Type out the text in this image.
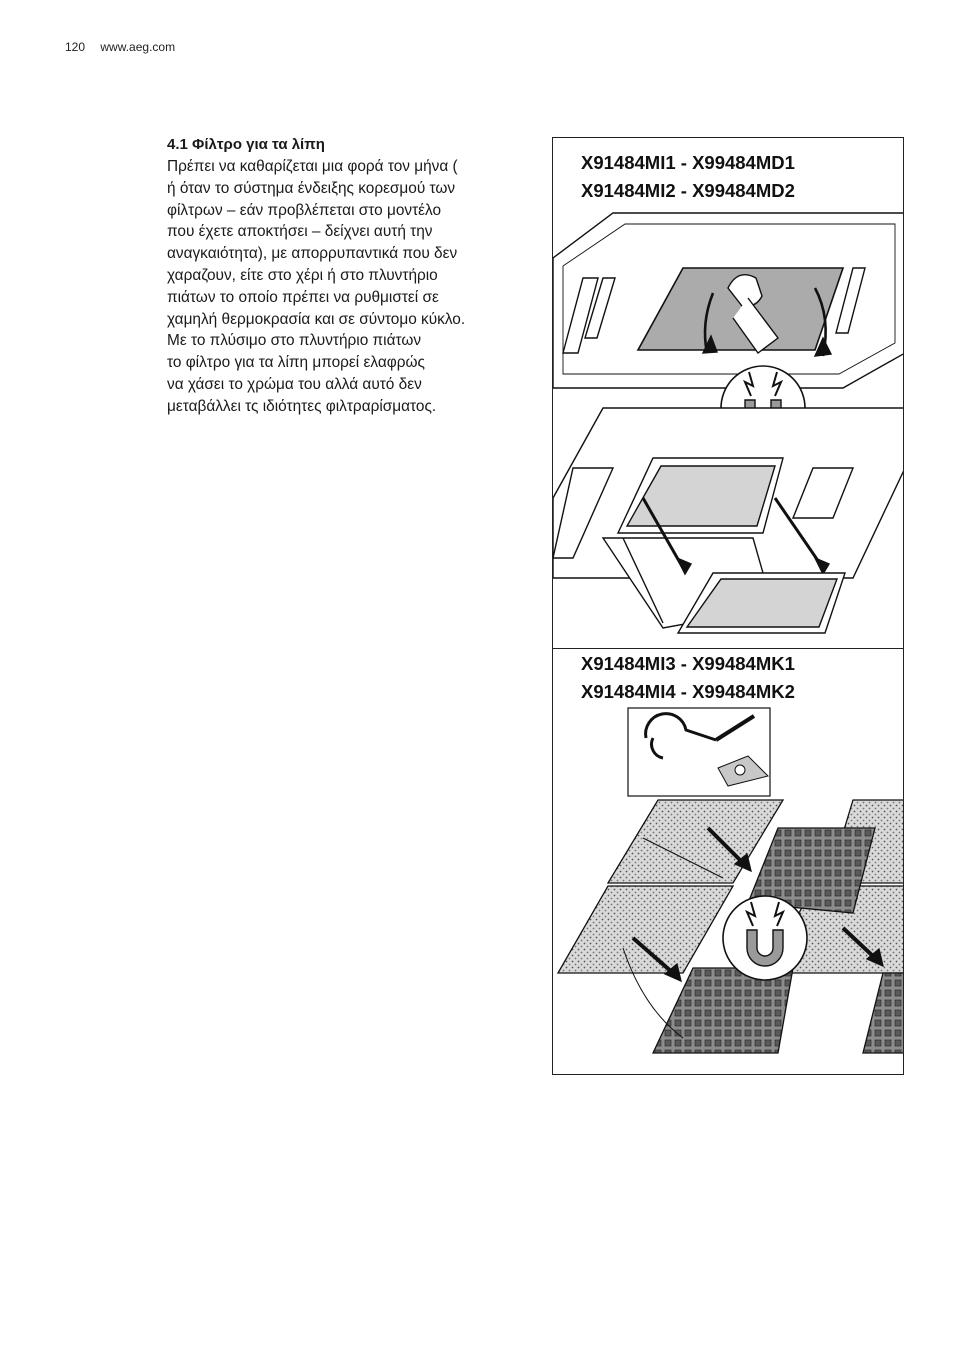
120 www.aeg.com

4.1 Φίλτρο για τα λίπη

Πρέπει να καθαρίζεται μια φορά τον μήνα (
ή όταν το σύστημα ένδειξης κορεσμού των
φίλτρων – εάν προβλέπεται στο μοντέλο
που έχετε αποκτήσει – δείχνει αυτή την
αναγκαιότητα), με απορρυπαντικά που δεν
χαραζουν, είτε στο χέρι ή στο πλυντήριο
πιάτων το οποίο πρέπει να ρυθμιστεί σε
χαμηλή θερμοκρασία και σε σύντομο κύκλο.
Με το πλύσιμο στο πλυντήριο πιάτων
το φίλτρο για τα λίπη μπορεί ελαφρώς
να χάσει το χρώμα του αλλά αυτό δεν
μεταβάλλει τς ιδιότητες φιλτραρίσματος.

X91484MI1 - X99484MD1
X91484MI2 - X99484MD2
X91484MI3 - X99484MK1
X91484MI4 - X99484MK2
